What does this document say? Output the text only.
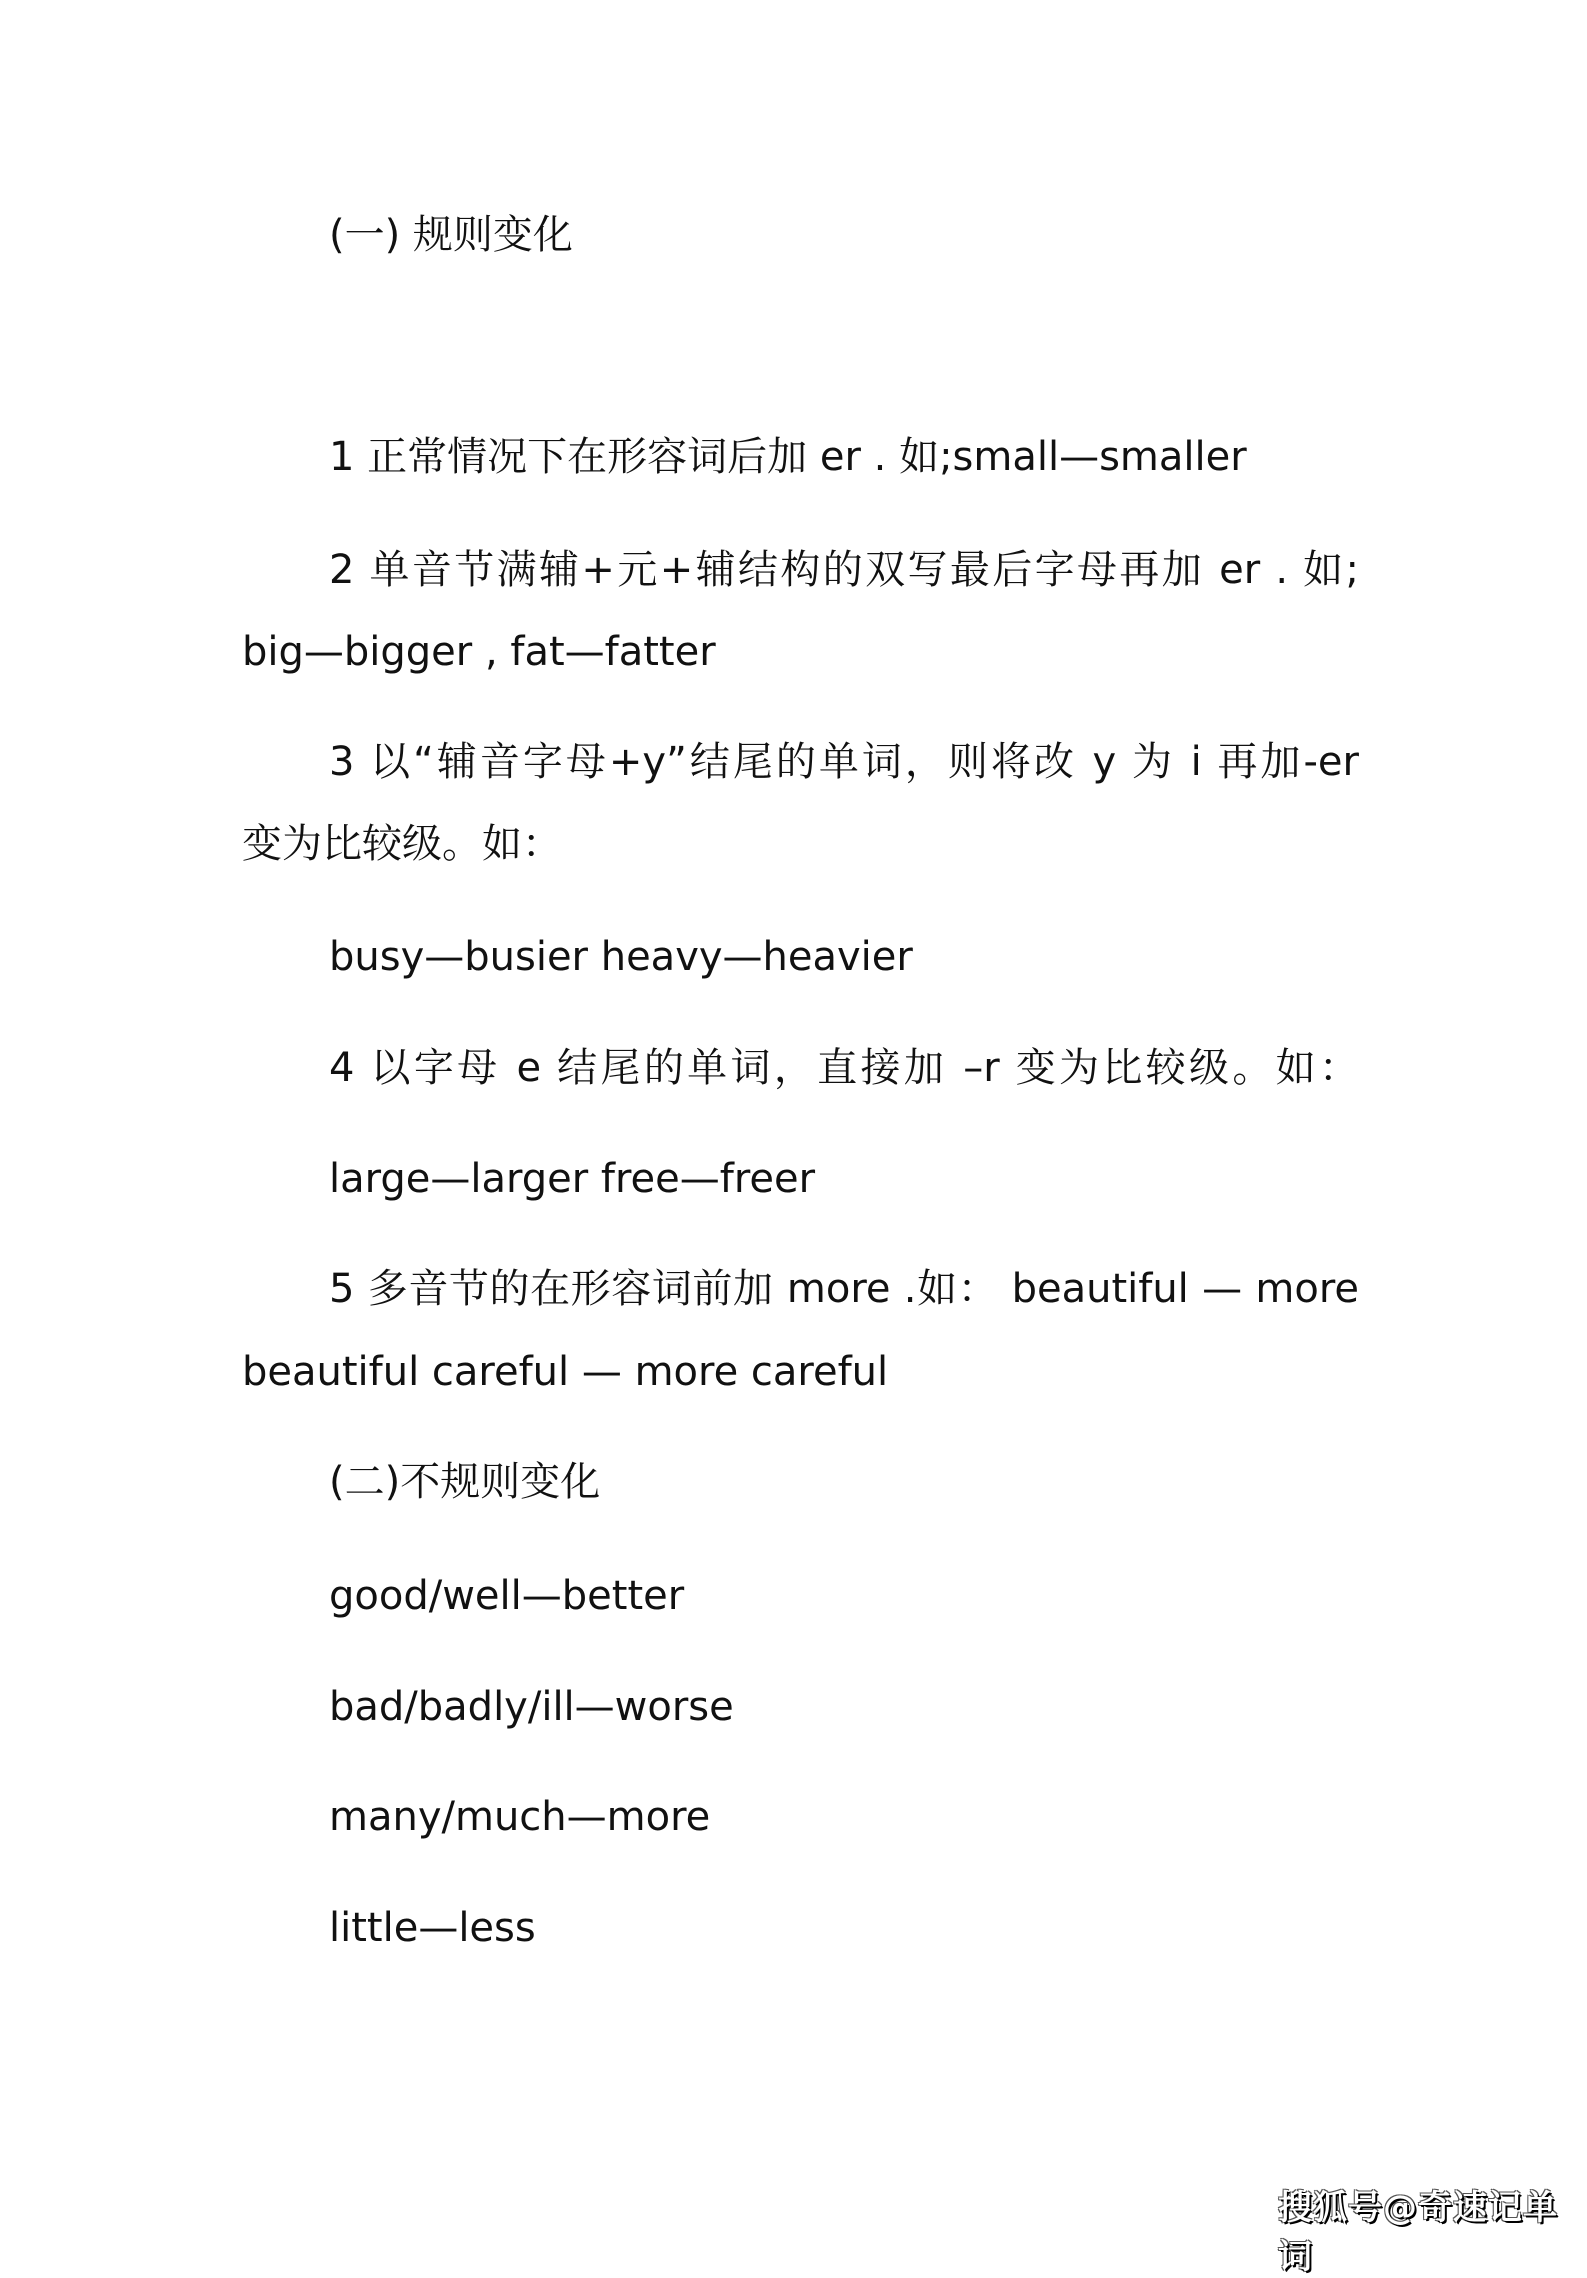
(一) 规则变化
1 正常情况下在形容词后加 er . 如;small—smaller
2 单音节满辅+元+辅结构的双写最后字母再加 er . 如;
big—bigger , fat—fatter
3 以“辅音字母+y”结尾的单词，则将改 y 为 i 再加-er
变为比较级。如：
busy—busier heavy—heavier
4 以字母 e 结尾的单词，直接加 –r 变为比较级。如：
large—larger free—freer
5 多音节的在形容词前加 more .如： beautiful — more
beautiful careful — more careful
(二)不规则变化
good/well—better
bad/badly/ill—worse
many/much—more
little—less
搜狐号@奇速记单词
